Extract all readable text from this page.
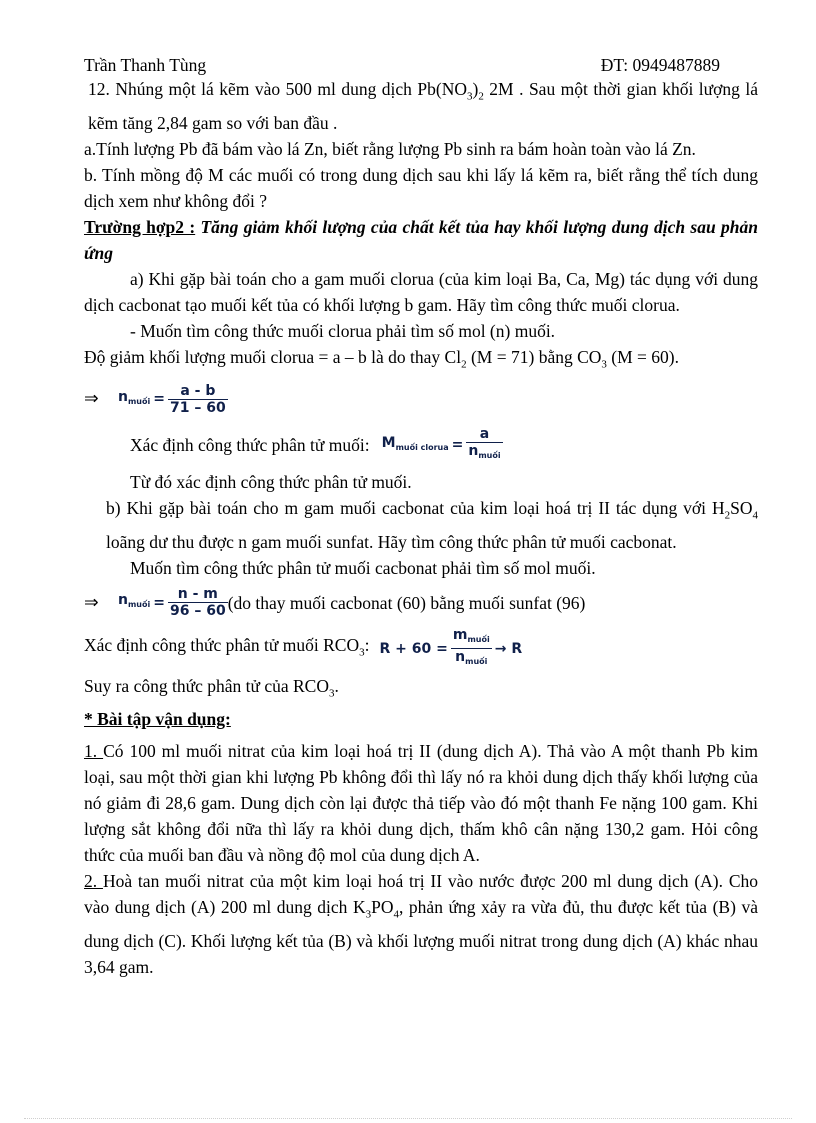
Trần Thanh Tùng	ĐT: 0949487889

12. Nhúng một lá kẽm vào 500 ml dung dịch $Pb(NO_3)_2$ 2M . Sau một thời gian khối lượng lá kẽm tăng 2,84 gam so với ban đầu .

a.Tính lượng Pb đã bám vào lá Zn, biết rằng lượng Pb sinh ra bám hoàn toàn vào lá Zn.

b. Tính mồng độ M các muối có trong dung dịch sau khi lấy lá kẽm ra, biết rằng thể tích dung dịch xem như không đổi ?

Trường hợp2 : Tăng giảm khối lượng của chất kết tủa hay khối lượng dung dịch sau phản ứng

a) Khi gặp bài toán cho a gam muối clorua (của kim loại Ba, Ca, Mg) tác dụng với dung dịch cacbonat tạo muối kết tủa có khối lượng b gam. Hãy tìm công thức muối clorua.

- Muốn tìm công thức muối clorua phải tìm số mol (n) muối.

Độ giảm khối lượng muối clorua = a – b là do thay $Cl_2$ (M = 71) bằng $CO_3$ (M = 60).

⇒	$n_{muối} = \frac{a - b}{71 - 60}$
Xác định công thức phân tử muối: $M_{muối clorua} = \frac{a}{n_{muối}}$

Từ đó xác định công thức phân tử muối.

b) Khi gặp bài toán cho m gam muối cacbonat của kim loại hoá trị II tác dụng với $H_2SO_4$ loãng dư thu được n gam muối sunfat. Hãy tìm công thức phân tử muối cacbonat.

Muốn tìm công thức phân tử muối cacbonat phải tìm số mol muối.

⇒	$n_{muối} = \frac{n - m}{96 - 60} (do$ thay muối cacbonat (60) bằng muối sunfat (96)
Xác định công thức phân tử muối $RCO_3$: $R + 60 = \frac{m_{muối}}{n_{muối}} \to R$

Suy ra công thức phân tử của $RCO_3$.

* Bài tập vận dụng:

1. Có 100 ml muối nitrat của kim loại hoá trị II (dung dịch A). Thả vào A một thanh Pb kim loại, sau một thời gian khi lượng Pb không đổi thì lấy nó ra khỏi dung dịch thấy khối lượng của nó giảm đi 28,6 gam. Dung dịch còn lại được thả tiếp vào đó một thanh Fe nặng 100 gam. Khi lượng sắt không đổi nữa thì lấy ra khỏi dung dịch, thấm khô cân nặng 130,2 gam. Hỏi công thức của muối ban đầu và nồng độ mol của dung dịch A.

2. Hoà tan muối nitrat của một kim loại hoá trị II vào nước được 200 ml dung dịch (A). Cho vào dung dịch (A) 200 ml dung dịch $K_3PO_4$, phản ứng xảy ra vừa đủ, thu được kết tủa (B) và dung dịch (C). Khối lượng kết tủa (B) và khối lượng muối nitrat trong dung dịch (A) khác nhau 3,64 gam.
